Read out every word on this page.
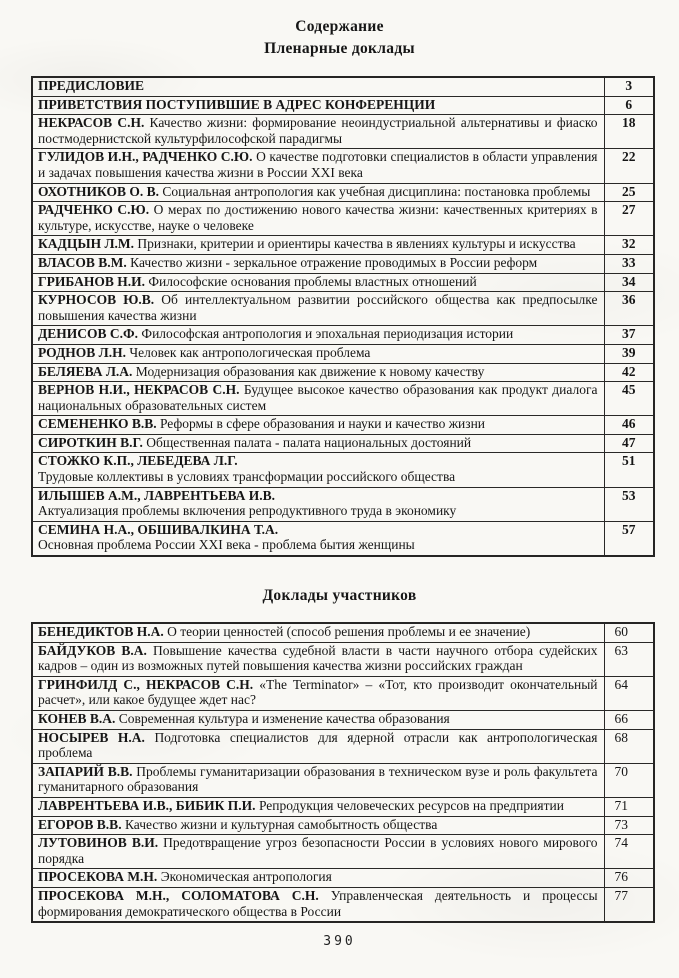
Содержание
Пленарные доклады
ПРЕДИСЛОВИЕ	3
ПРИВЕТСТВИЯ ПОСТУПИВШИЕ В АДРЕС КОНФЕРЕНЦИИ	6
НЕКРАСОВ С.Н. Качество жизни: формирование неоиндустриальной альтернативы и фиаско постмодернистской культурфилософской парадигмы	18
ГУЛИДОВ И.Н., РАДЧЕНКО С.Ю. О качестве подготовки специалистов в области управления и задачах повышения качества жизни в России XXI века	22
ОХОТНИКОВ О. В. Социальная антропология как учебная дисциплина: постановка проблемы	25
РАДЧЕНКО С.Ю. О мерах по достижению нового качества жизни: качественных критериях в культуре, искусстве, науке о человеке	27
КАДЦЫН Л.М. Признаки, критерии и ориентиры качества в явлениях культуры и искусства	32
ВЛАСОВ В.М. Качество жизни - зеркальное отражение проводимых в России реформ	33
ГРИБАНОВ Н.И. Философские основания проблемы властных отношений	34
КУРНОСОВ Ю.В. Об интеллектуальном развитии российского общества как предпосылке повышения качества жизни	36
ДЕНИСОВ С.Ф. Философская антропология и эпохальная периодизация истории	37
РОДНОВ Л.Н. Человек как антропологическая проблема	39
БЕЛЯЕВА Л.А. Модернизация образования как движение к новому качеству	42
ВЕРНОВ Н.И., НЕКРАСОВ С.Н. Будущее высокое качество образования как продукт диалога национальных образовательных систем	45
СЕМЕНЕНКО В.В. Реформы в сфере образования и науки и качество жизни	46
СИРОТКИН В.Г. Общественная палата - палата национальных достояний	47
СТОЖКО К.П., ЛЕБЕДЕВА Л.Г.
Трудовые коллективы в условиях трансформации российского общества	51
ИЛЫШЕВ А.М., ЛАВРЕНТЬЕВА И.В.
Актуализация проблемы включения репродуктивного труда в экономику	53
СЕМИНА Н.А., ОБШИВАЛКИНА Т.А.
Основная проблема России XXI века - проблема бытия женщины	57
Доклады участников
БЕНЕДИКТОВ Н.А. О теории ценностей (способ решения проблемы и ее значение)	60
БАЙДУКОВ В.А. Повышение качества судебной власти в части научного отбора судейских кадров – один из возможных путей повышения качества жизни российских граждан	63
ГРИНФИЛД С., НЕКРАСОВ С.Н. «The Terminator» – «Тот, кто производит окончательный расчет», или какое будущее ждет нас?	64
КОНЕВ В.А. Современная культура и изменение качества образования	66
НОСЫРЕВ Н.А. Подготовка специалистов для ядерной отрасли как антропологическая проблема	68
ЗАПАРИЙ В.В. Проблемы гуманитаризации образования в техническом вузе и роль факультета гуманитарного образования	70
ЛАВРЕНТЬЕВА И.В., БИБИК П.И. Репродукция человеческих ресурсов на предприятии	71
ЕГОРОВ В.В. Качество жизни и культурная самобытность общества	73
ЛУТОВИНОВ В.И. Предотвращение угроз безопасности России в условиях нового мирового порядка	74
ПРОСЕКОВА М.Н. Экономическая антропология	76
ПРОСЕКОВА М.Н., СОЛОМАТОВА С.Н. Управленческая деятельность и процессы формирования демократического общества в России	77
390
